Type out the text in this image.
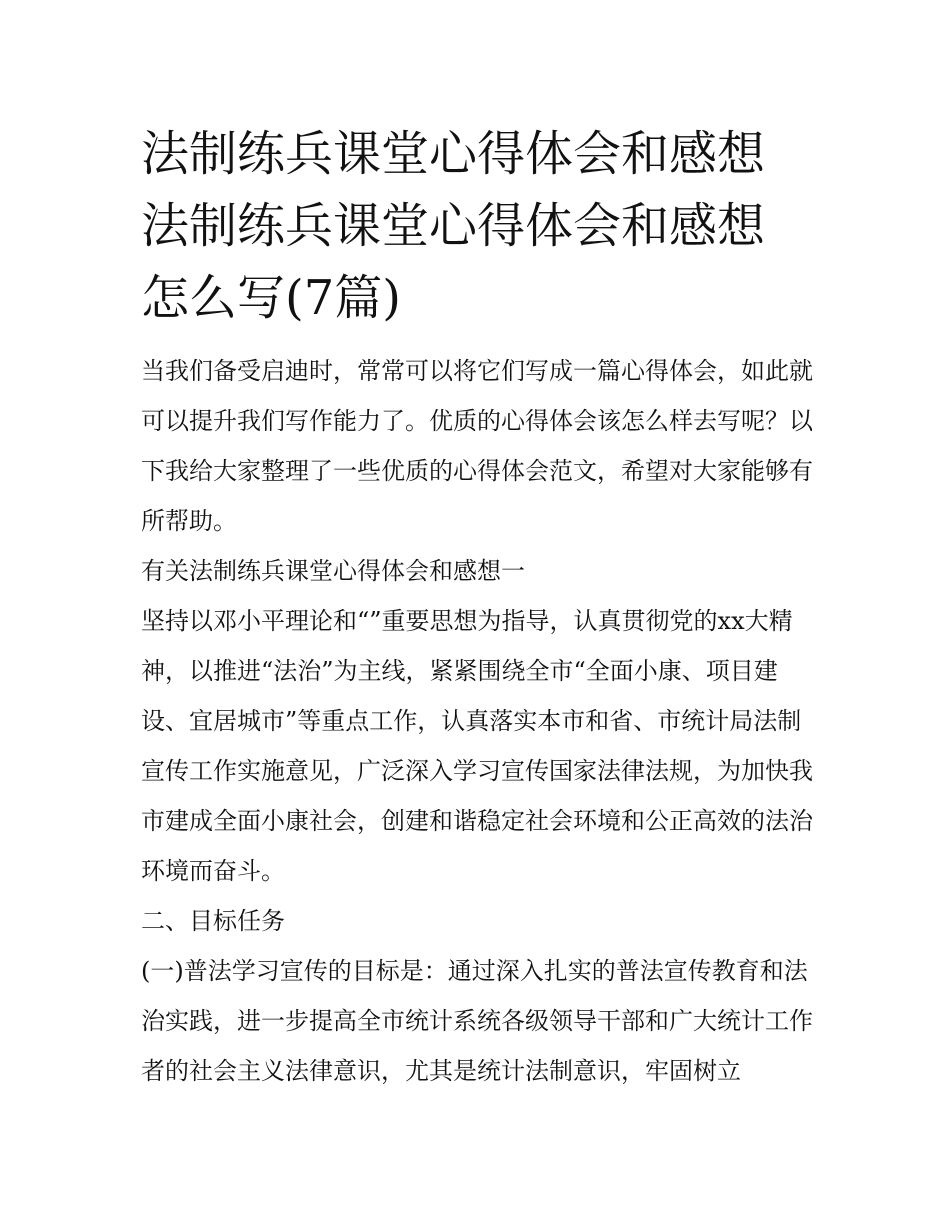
法制练兵课堂心得体会和感想
法制练兵课堂心得体会和感想
怎么写(7篇)

当我们备受启迪时，常常可以将它们写成一篇心得体会，如此就可以提升我们写作能力了。优质的心得体会该怎么样去写呢？以下我给大家整理了一些优质的心得体会范文，希望对大家能够有所帮助。

有关法制练兵课堂心得体会和感想一

坚持以邓小平理论和“”重要思想为指导，认真贯彻党的xx大精神，以推进“法治”为主线，紧紧围绕全市“全面小康、项目建设、宜居城市”等重点工作，认真落实本市和省、市统计局法制宣传工作实施意见，广泛深入学习宣传国家法律法规，为加快我市建成全面小康社会，创建和谐稳定社会环境和公正高效的法治环境而奋斗。

二、目标任务

(一)普法学习宣传的目标是：通过深入扎实的普法宣传教育和法治实践，进一步提高全市统计系统各级领导干部和广大统计工作者的社会主义法律意识，尤其是统计法制意识，牢固树立
